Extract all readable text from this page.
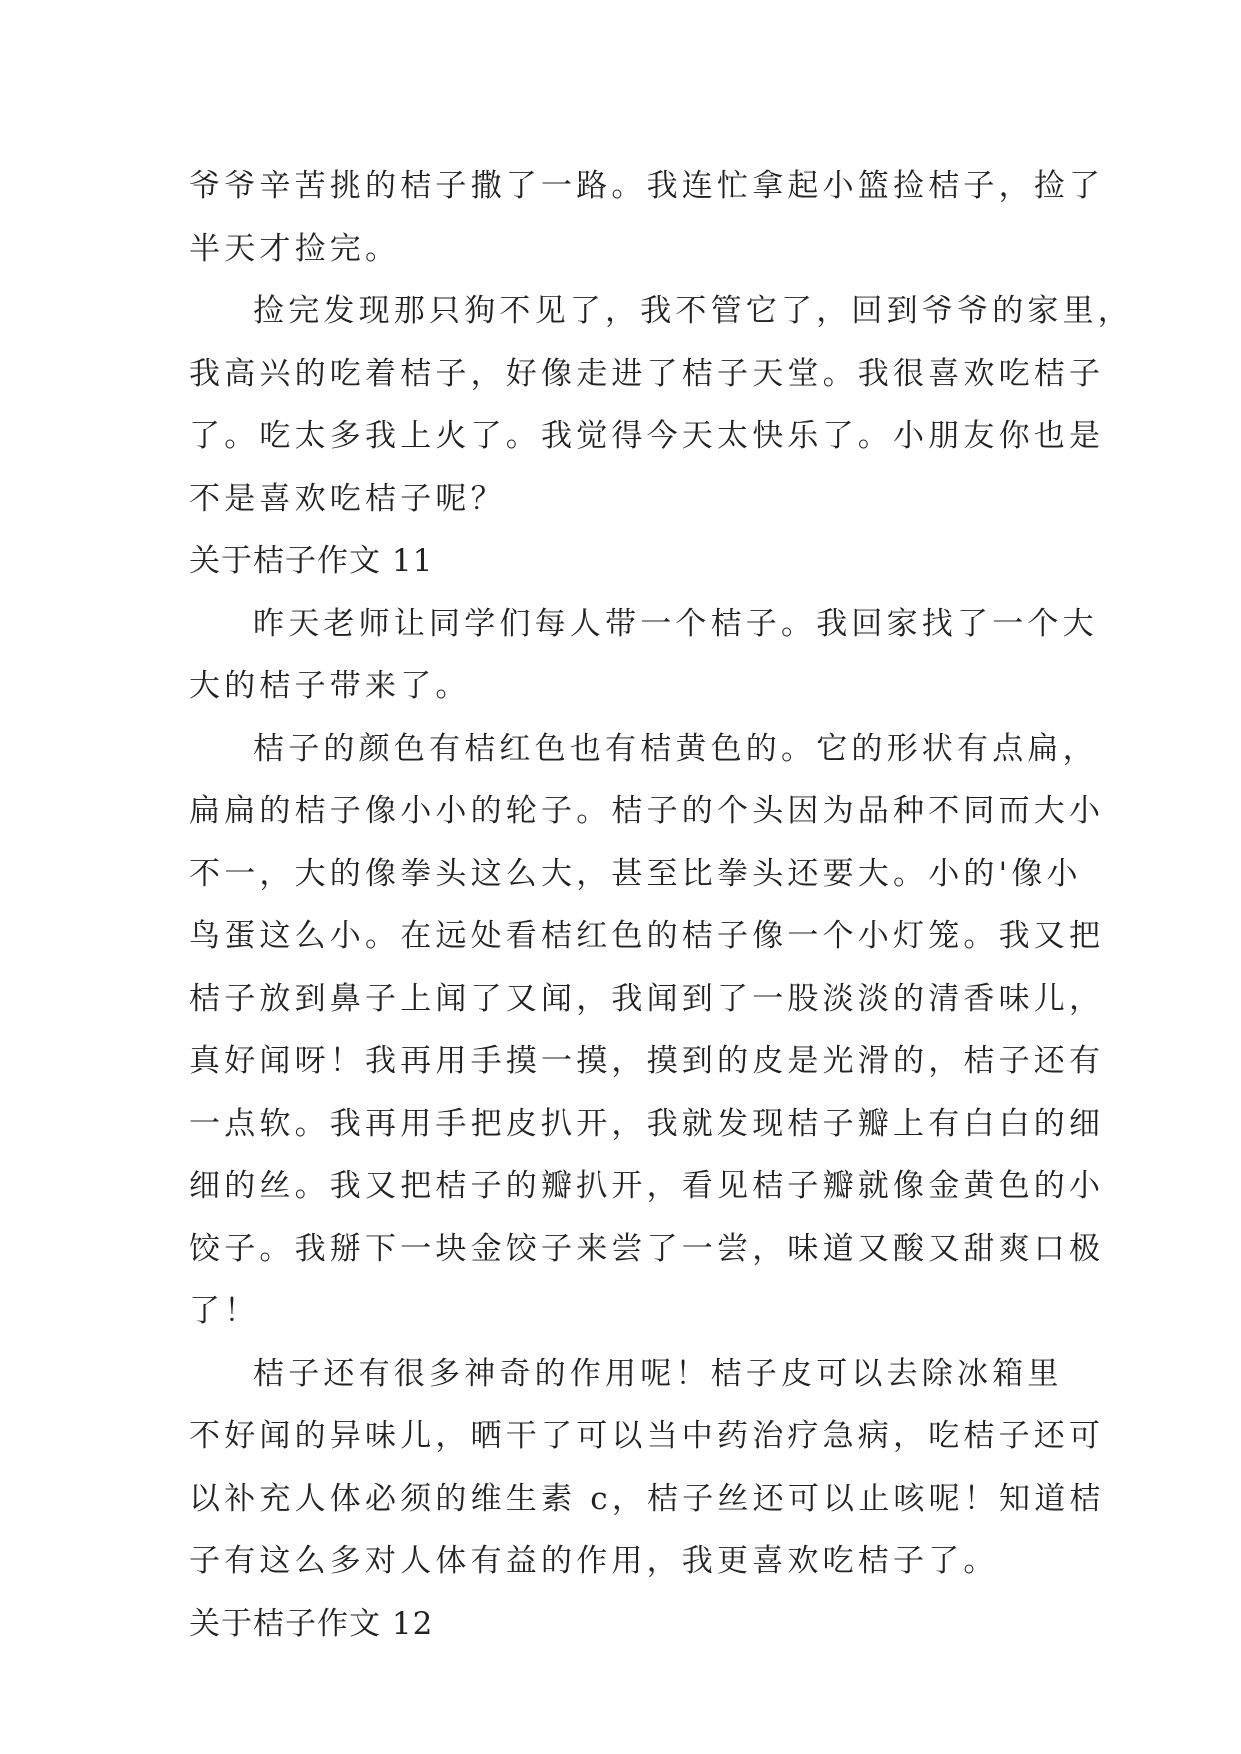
爷爷辛苦挑的桔子撒了一路。我连忙拿起小篮捡桔子，捡了
半天才捡完。
捡完发现那只狗不见了，我不管它了，回到爷爷的家里，
我高兴的吃着桔子，好像走进了桔子天堂。我很喜欢吃桔子
了。吃太多我上火了。我觉得今天太快乐了。小朋友你也是
不是喜欢吃桔子呢？
关于桔子作文 11
昨天老师让同学们每人带一个桔子。我回家找了一个大
大的桔子带来了。
桔子的颜色有桔红色也有桔黄色的。它的形状有点扁，
扁扁的桔子像小小的轮子。桔子的个头因为品种不同而大小
不一，大的像拳头这么大，甚至比拳头还要大。小的'像小
鸟蛋这么小。在远处看桔红色的桔子像一个小灯笼。我又把
桔子放到鼻子上闻了又闻，我闻到了一股淡淡的清香味儿，
真好闻呀！我再用手摸一摸，摸到的皮是光滑的，桔子还有
一点软。我再用手把皮扒开，我就发现桔子瓣上有白白的细
细的丝。我又把桔子的瓣扒开，看见桔子瓣就像金黄色的小
饺子。我掰下一块金饺子来尝了一尝，味道又酸又甜爽口极
了！
桔子还有很多神奇的作用呢！桔子皮可以去除冰箱里
不好闻的异味儿，晒干了可以当中药治疗急病，吃桔子还可
以补充人体必须的维生素 c，桔子丝还可以止咳呢！知道桔
子有这么多对人体有益的作用，我更喜欢吃桔子了。
关于桔子作文 12
